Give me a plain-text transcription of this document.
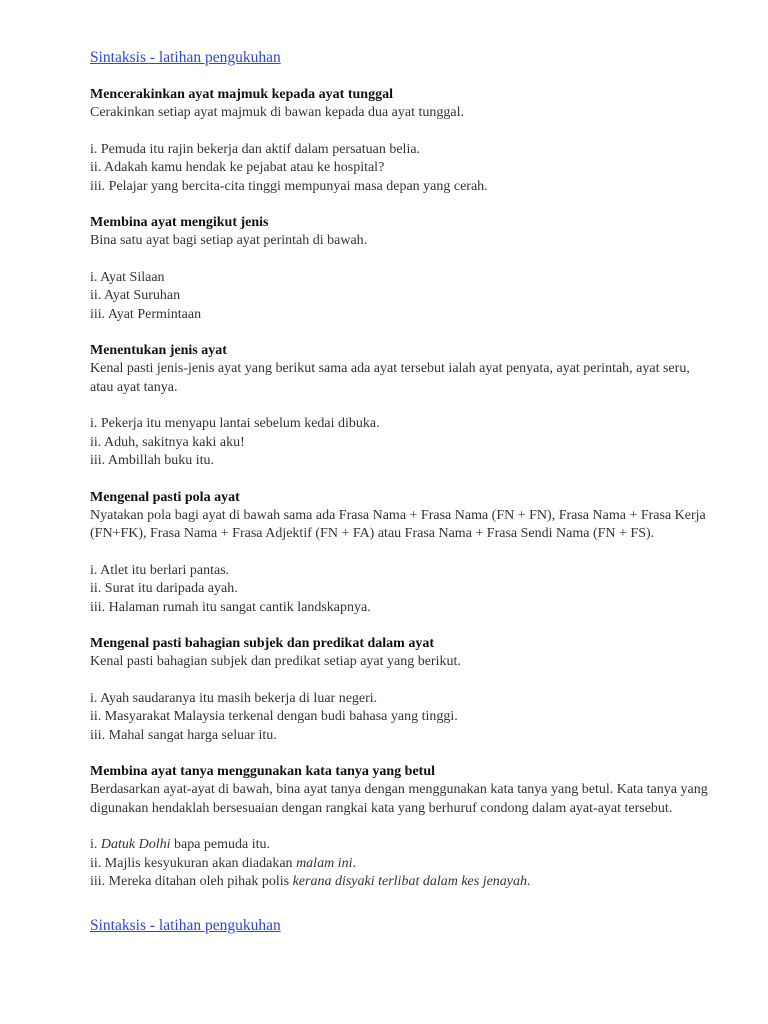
Sintaksis - latihan pengukuhan

Mencerakinkan ayat majmuk kepada ayat tunggal

Cerakinkan setiap ayat majmuk di bawan kepada dua ayat tunggal.

i. Pemuda itu rajin bekerja dan aktif dalam persatuan belia.
ii. Adakah kamu hendak ke pejabat atau ke hospital?
iii. Pelajar yang bercita-cita tinggi mempunyai masa depan yang cerah.

Membina ayat mengikut jenis

Bina satu ayat bagi setiap ayat perintah di bawah.

i. Ayat Silaan
ii. Ayat Suruhan
iii. Ayat Permintaan

Menentukan jenis ayat

Kenal pasti jenis-jenis ayat yang berikut sama ada ayat tersebut ialah ayat penyata, ayat perintah, ayat seru, atau ayat tanya.

i. Pekerja itu menyapu lantai sebelum kedai dibuka.
ii. Aduh, sakitnya kaki aku!
iii. Ambillah buku itu.

Mengenal pasti pola ayat

Nyatakan pola bagi ayat di bawah sama ada Frasa Nama + Frasa Nama (FN + FN), Frasa Nama + Frasa Kerja (FN+FK), Frasa Nama + Frasa Adjektif (FN + FA) atau Frasa Nama + Frasa Sendi Nama (FN + FS).

i. Atlet itu berlari pantas.
ii. Surat itu daripada ayah.
iii. Halaman rumah itu sangat cantik landskapnya.

Mengenal pasti bahagian subjek dan predikat dalam ayat

Kenal pasti bahagian subjek dan predikat setiap ayat yang berikut.

i. Ayah saudaranya itu masih bekerja di luar negeri.
ii. Masyarakat Malaysia terkenal dengan budi bahasa yang tinggi.
iii. Mahal sangat harga seluar itu.

Membina ayat tanya menggunakan kata tanya yang betul

Berdasarkan ayat-ayat di bawah, bina ayat tanya dengan menggunakan kata tanya yang betul. Kata tanya yang digunakan hendaklah bersesuaian dengan rangkai kata yang berhuruf condong dalam ayat-ayat tersebut.

i. Datuk Dolhi bapa pemuda itu.
ii. Majlis kesyukuran akan diadakan malam ini.
iii. Mereka ditahan oleh pihak polis kerana disyaki terlibat dalam kes jenayah.
Sintaksis - latihan pengukuhan
